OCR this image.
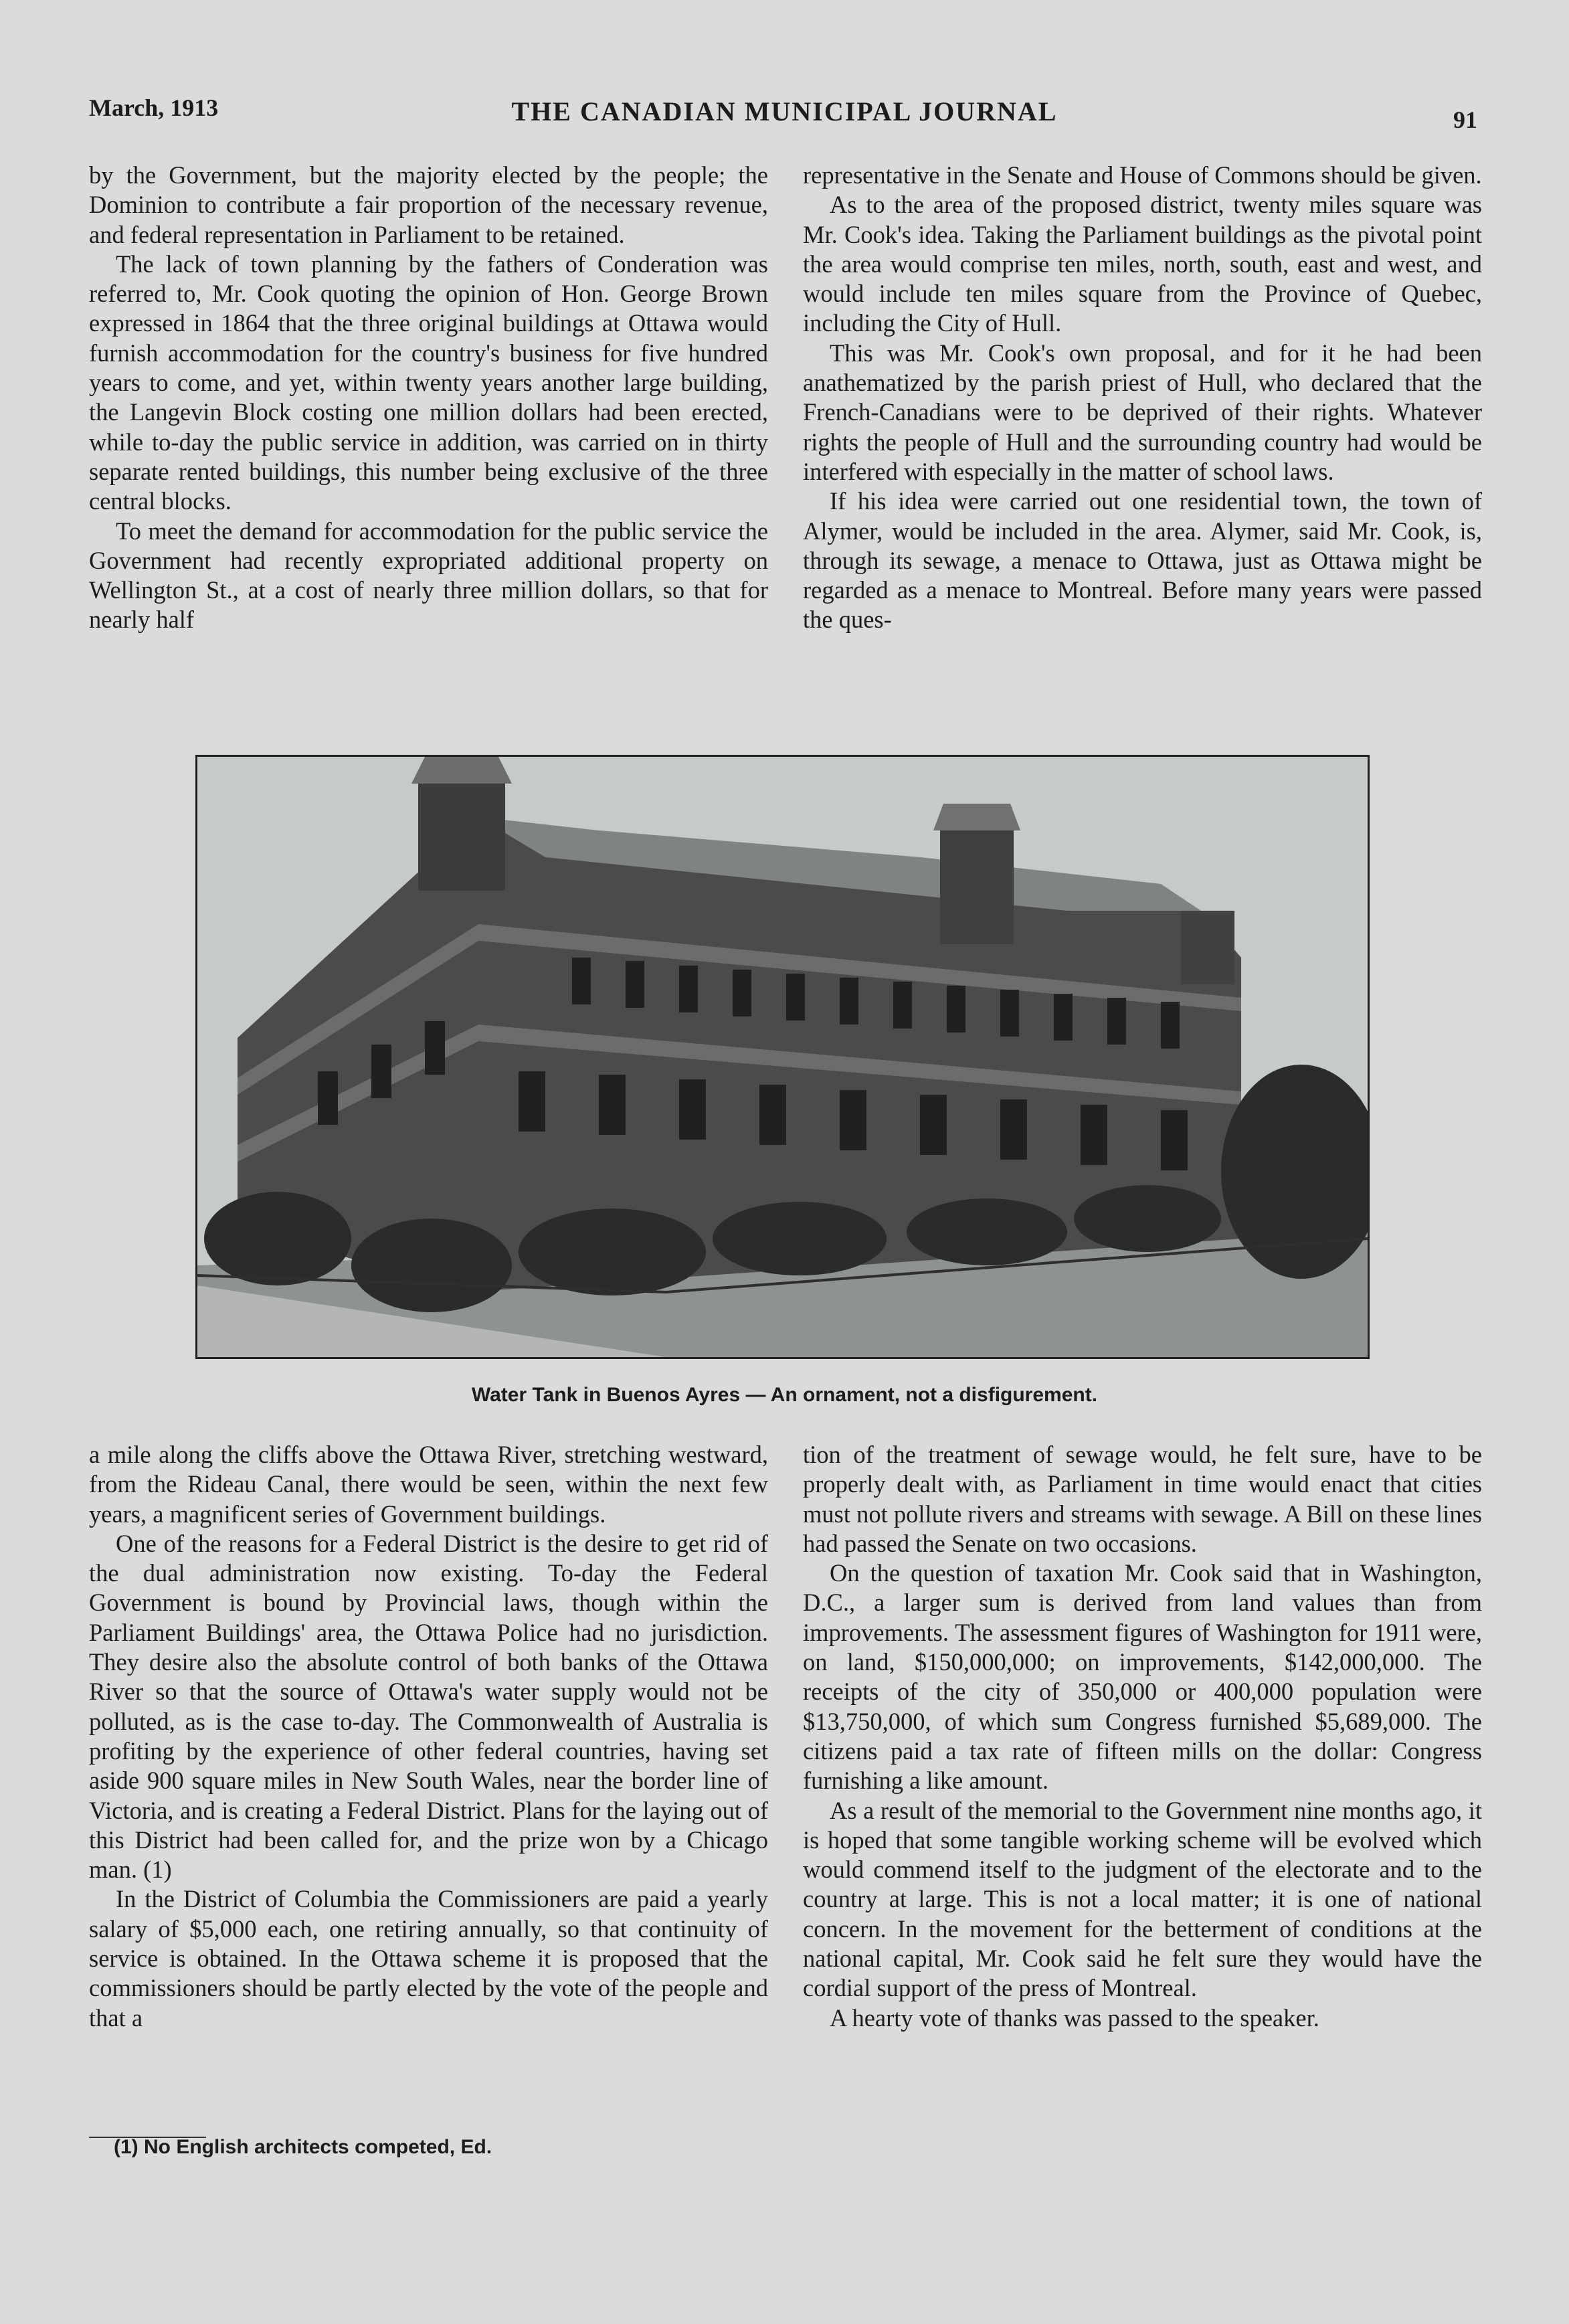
March, 1913	THE CANADIAN MUNICIPAL JOURNAL	91

by the Government, but the majority elected by the people; the Dominion to contribute a fair proportion of the necessary revenue, and federal representation in Parliament to be retained.

The lack of town planning by the fathers of Conderation was referred to, Mr. Cook quoting the opinion of Hon. George Brown expressed in 1864 that the three original buildings at Ottawa would furnish accommodation for the country's business for five hundred years to come, and yet, within twenty years another large building, the Langevin Block costing one million dollars had been erected, while to-day the public service in addition, was carried on in thirty separate rented buildings, this number being exclusive of the three central blocks.

To meet the demand for accommodation for the public service the Government had recently expropriated additional property on Wellington St., at a cost of nearly three million dollars, so that for nearly half

representative in the Senate and House of Commons should be given.

As to the area of the proposed district, twenty miles square was Mr. Cook's idea. Taking the Parliament buildings as the pivotal point the area would comprise ten miles, north, south, east and west, and would include ten miles square from the Province of Quebec, including the City of Hull.

This was Mr. Cook's own proposal, and for it he had been anathematized by the parish priest of Hull, who declared that the French-Canadians were to be deprived of their rights. Whatever rights the people of Hull and the surrounding country had would be interfered with especially in the matter of school laws.

If his idea were carried out one residential town, the town of Alymer, would be included in the area. Alymer, said Mr. Cook, is, through its sewage, a menace to Ottawa, just as Ottawa might be regarded as a menace to Montreal. Before many years were passed the ques-

Water Tank in Buenos Ayres — An ornament, not a disfigurement.

a mile along the cliffs above the Ottawa River, stretching westward, from the Rideau Canal, there would be seen, within the next few years, a magnificent series of Government buildings.

One of the reasons for a Federal District is the desire to get rid of the dual administration now existing. To-day the Federal Government is bound by Provincial laws, though within the Parliament Buildings' area, the Ottawa Police had no jurisdiction. They desire also the absolute control of both banks of the Ottawa River so that the source of Ottawa's water supply would not be polluted, as is the case to-day. The Commonwealth of Australia is profiting by the experience of other federal countries, having set aside 900 square miles in New South Wales, near the border line of Victoria, and is creating a Federal District. Plans for the laying out of this District had been called for, and the prize won by a Chicago man. (1)

In the District of Columbia the Commissioners are paid a yearly salary of $5,000 each, one retiring annually, so that continuity of service is obtained. In the Ottawa scheme it is proposed that the commissioners should be partly elected by the vote of the people and that a

tion of the treatment of sewage would, he felt sure, have to be properly dealt with, as Parliament in time would enact that cities must not pollute rivers and streams with sewage. A Bill on these lines had passed the Senate on two occasions.

On the question of taxation Mr. Cook said that in Washington, D.C., a larger sum is derived from land values than from improvements. The assessment figures of Washington for 1911 were, on land, $150,000,000; on improvements, $142,000,000. The receipts of the city of 350,000 or 400,000 population were $13,750,000, of which sum Congress furnished $5,689,000. The citizens paid a tax rate of fifteen mills on the dollar: Congress furnishing a like amount.

As a result of the memorial to the Government nine months ago, it is hoped that some tangible working scheme will be evolved which would commend itself to the judgment of the electorate and to the country at large. This is not a local matter; it is one of national concern. In the movement for the betterment of conditions at the national capital, Mr. Cook said he felt sure they would have the cordial support of the press of Montreal.

A hearty vote of thanks was passed to the speaker.

(1) No English architects competed, Ed.
